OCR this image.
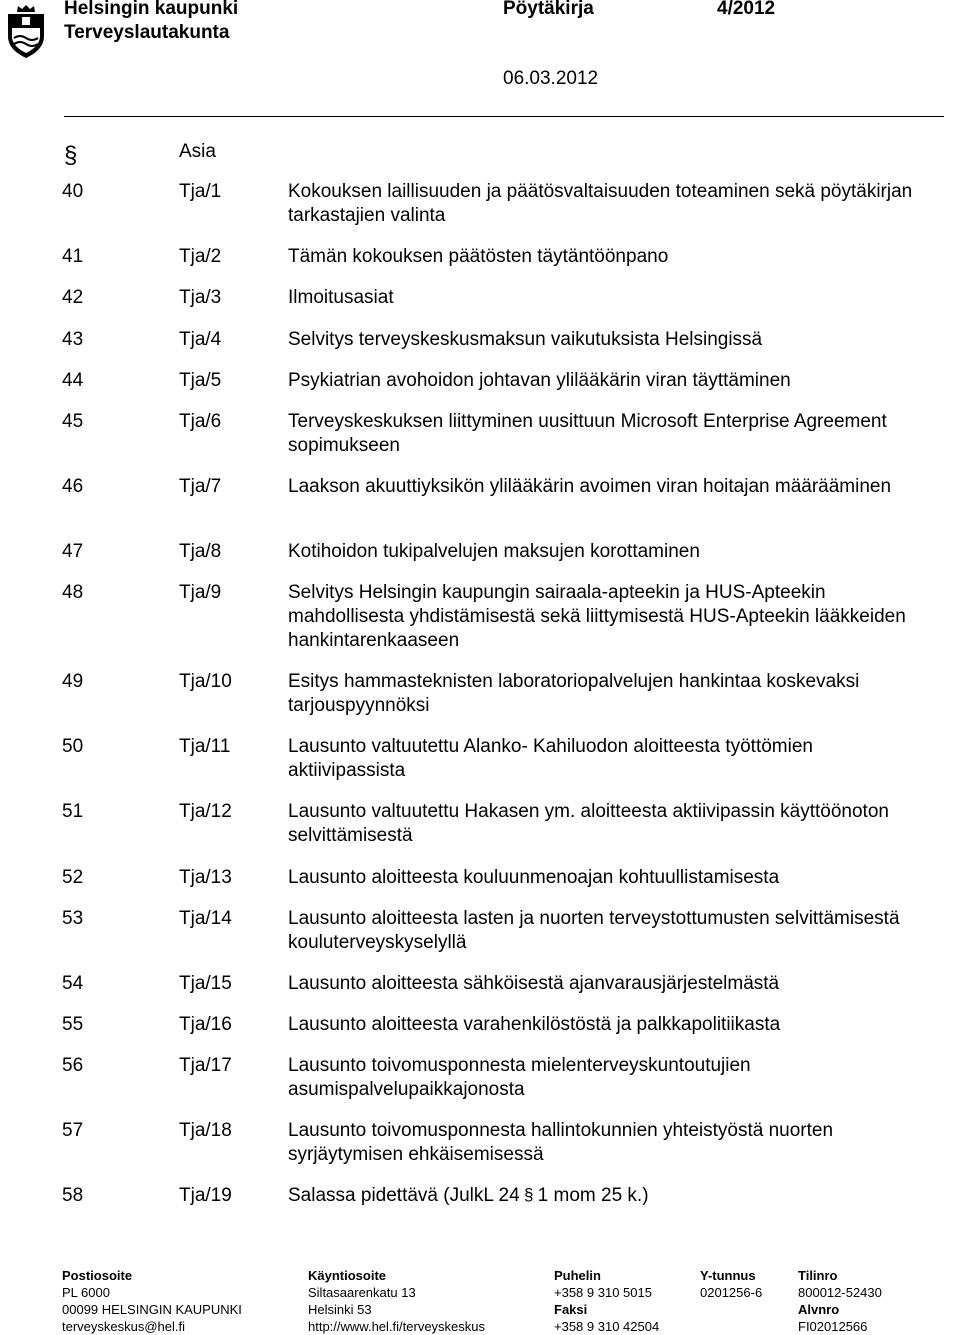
Helsingin kaupunki
Terveyslautakunta
Pöytäkirja	4/2012
06.03.2012
§	Asia
40	Tja/1	Kokouksen laillisuuden ja päätösvaltaisuuden toteaminen sekä pöytäkirjan tarkastajien valinta
41	Tja/2	Tämän kokouksen päätösten täytäntöönpano
42	Tja/3	Ilmoitusasiat
43	Tja/4	Selvitys terveyskeskusmaksun vaikutuksista Helsingissä
44	Tja/5	Psykiatrian avohoidon johtavan ylilääkärin viran täyttäminen
45	Tja/6	Terveyskeskuksen liittyminen uusittuun Microsoft Enterprise Agreement sopimukseen
46	Tja/7	Laakson akuuttiyksikön ylilääkärin avoimen viran hoitajan määrääminen
47	Tja/8	Kotihoidon tukipalvelujen maksujen korottaminen
48	Tja/9	Selvitys Helsingin kaupungin sairaala-apteekin ja HUS-Apteekin mahdollisesta yhdistämisestä sekä liittymisestä HUS-Apteekin lääkkeiden hankintarenkaaseen
49	Tja/10	Esitys hammasteknisten laboratoriopalvelujen hankintaa koskevaksi tarjouspyynnöksi
50	Tja/11	Lausunto valtuutettu Alanko- Kahiluodon aloitteesta työttömien aktiivipassista
51	Tja/12	Lausunto valtuutettu Hakasen ym. aloitteesta aktiivipassin käyttöönoton selvittämisestä
52	Tja/13	Lausunto aloitteesta kouluunmenoajan kohtuullistamisesta
53	Tja/14	Lausunto aloitteesta lasten ja nuorten terveystottumusten selvittämisestä kouluterveyskyselyllä
54	Tja/15	Lausunto aloitteesta sähköisestä ajanvarausjärjestelmästä
55	Tja/16	Lausunto aloitteesta varahenkilöstöstä ja palkkapolitiikasta
56	Tja/17	Lausunto toivomusponnesta mielenterveyskuntoutujien asumispalvelupaikkajonosta
57	Tja/18	Lausunto toivomusponnesta hallintokunnien yhteistyöstä nuorten syrjäytymisen ehkäisemisessä
58	Tja/19	Salassa pidettävä (JulkL 24 § 1 mom 25 k.)
Postiosoite
PL 6000
00099 HELSINGIN KAUPUNKI
terveyskeskus@hel.fi
Käyntiosoite
Siltasaarenkatu 13
Helsinki 53
http://www.hel.fi/terveyskeskus
Puhelin
+358 9 310 5015
Faksi
+358 9 310 42504
Y-tunnus
0201256-6
Tilinro
800012-52430
Alvnro
FI02012566
